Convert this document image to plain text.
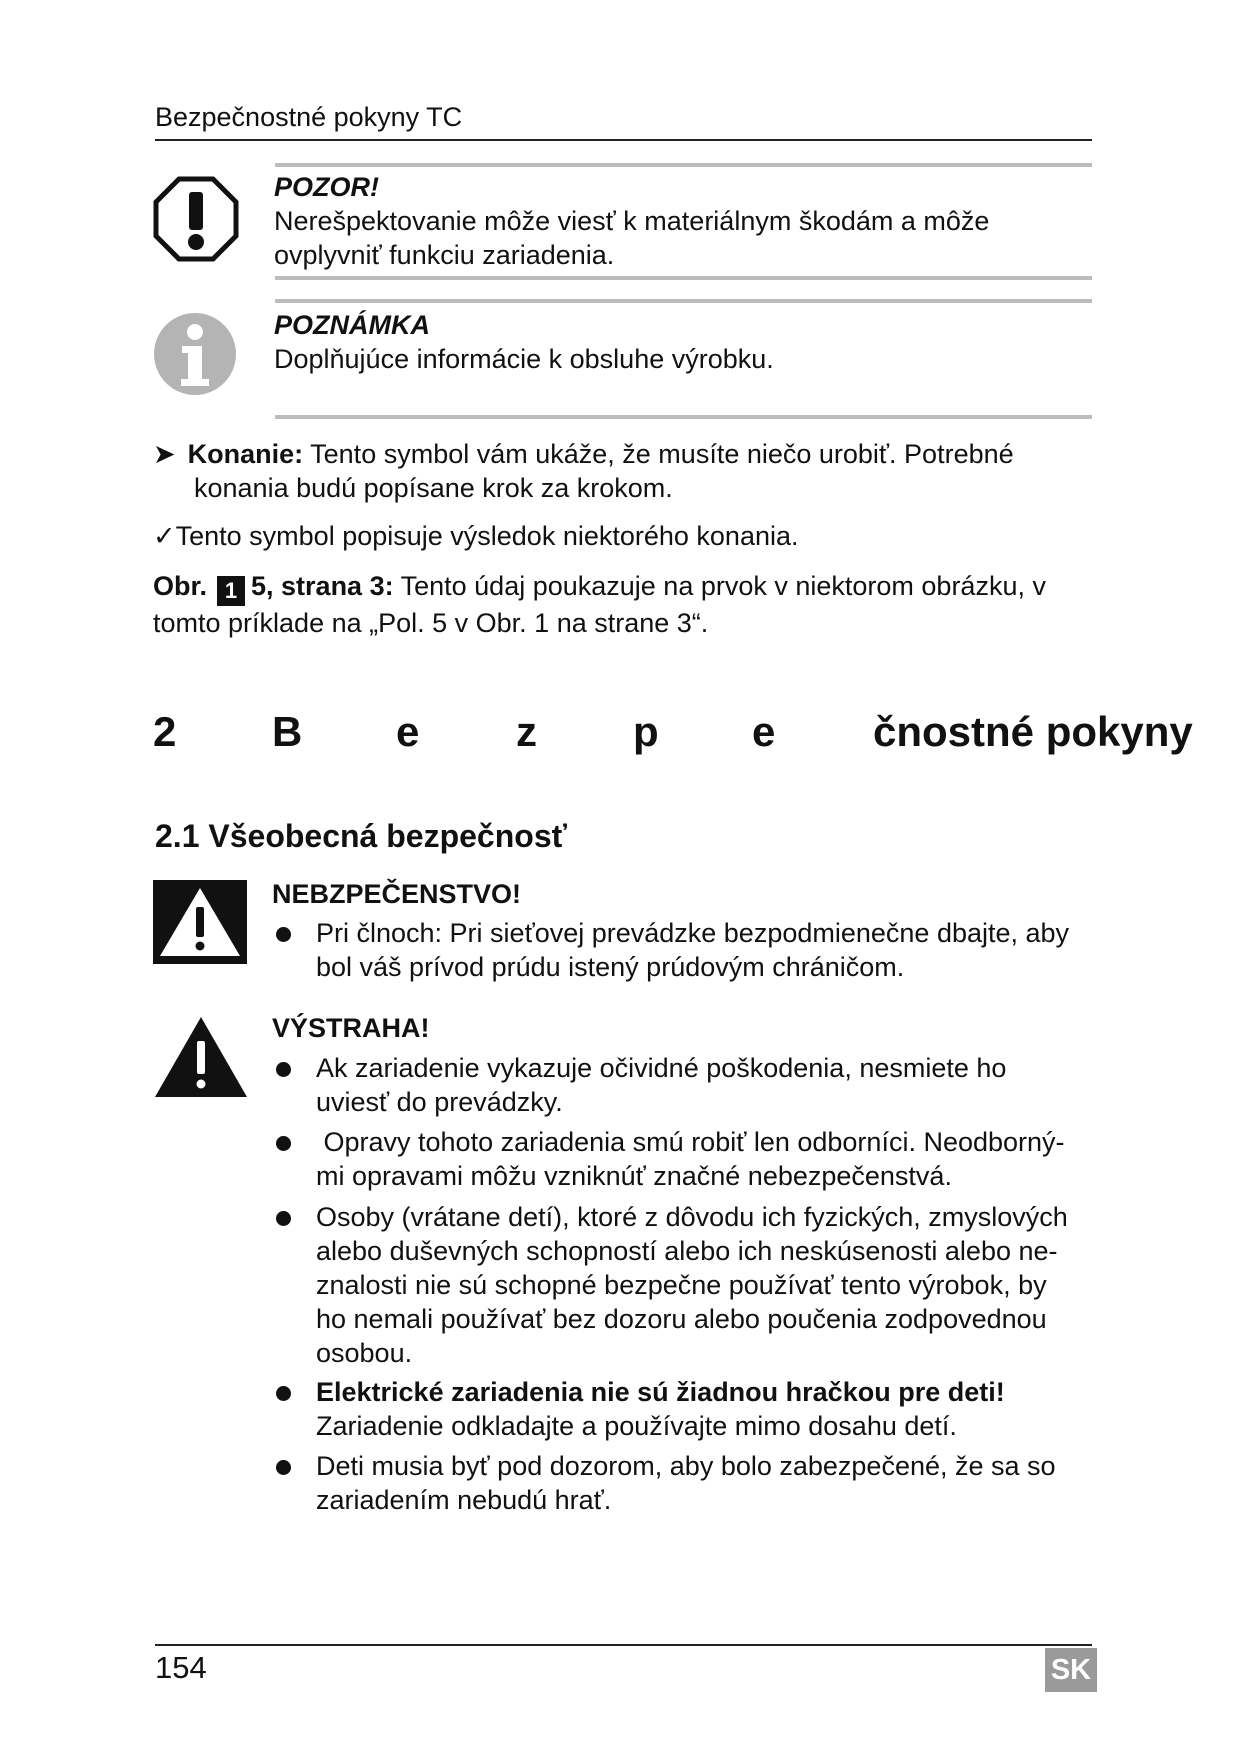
Bezpečnostné pokyny TC
POZOR!
Nerešpektovanie môže viesť k materiálnym škodám a môže
ovplyvniť funkciu zariadenia.
POZNÁMKA
Doplňujúce informácie k obsluhe výrobku.
➤ Konanie: Tento symbol vám ukáže, že musíte niečo urobiť. Potrebné
konania budú popísane krok za krokom.
✓Tento symbol popisuje výsledok niektorého konania.
Obr. 1 5, strana 3: Tento údaj poukazuje na prvok v niektorom obrázku, v
tomto príklade na „Pol. 5 v Obr. 1 na strane 3“.
2 B e z p e čnostné pokyny
2.1 Všeobecná bezpečnosť
NEBZPEČENSTVO!
Pri člnoch: Pri sieťovej prevádzke bezpodmienečne dbajte, aby
bol váš prívod prúdu istený prúdovým chráničom.
VÝSTRAHA!
Ak zariadenie vykazuje očividné poškodenia, nesmiete ho
uviesť do prevádzky.
Opravy tohoto zariadenia smú robiť len odborníci. Neodborný-
mi opravami môžu vzniknúť značné nebezpečenstvá.
Osoby (vrátane detí), ktoré z dôvodu ich fyzických, zmyslových
alebo duševných schopností alebo ich neskúsenosti alebo ne-
znalosti nie sú schopné bezpečne používať tento výrobok, by
ho nemali používať bez dozoru alebo poučenia zodpovednou
osobou.
Elektrické zariadenia nie sú žiadnou hračkou pre deti!
Zariadenie odkladajte a používajte mimo dosahu detí.
Deti musia byť pod dozorom, aby bolo zabezpečené, že sa so
zariadením nebudú hrať.
154	SK
